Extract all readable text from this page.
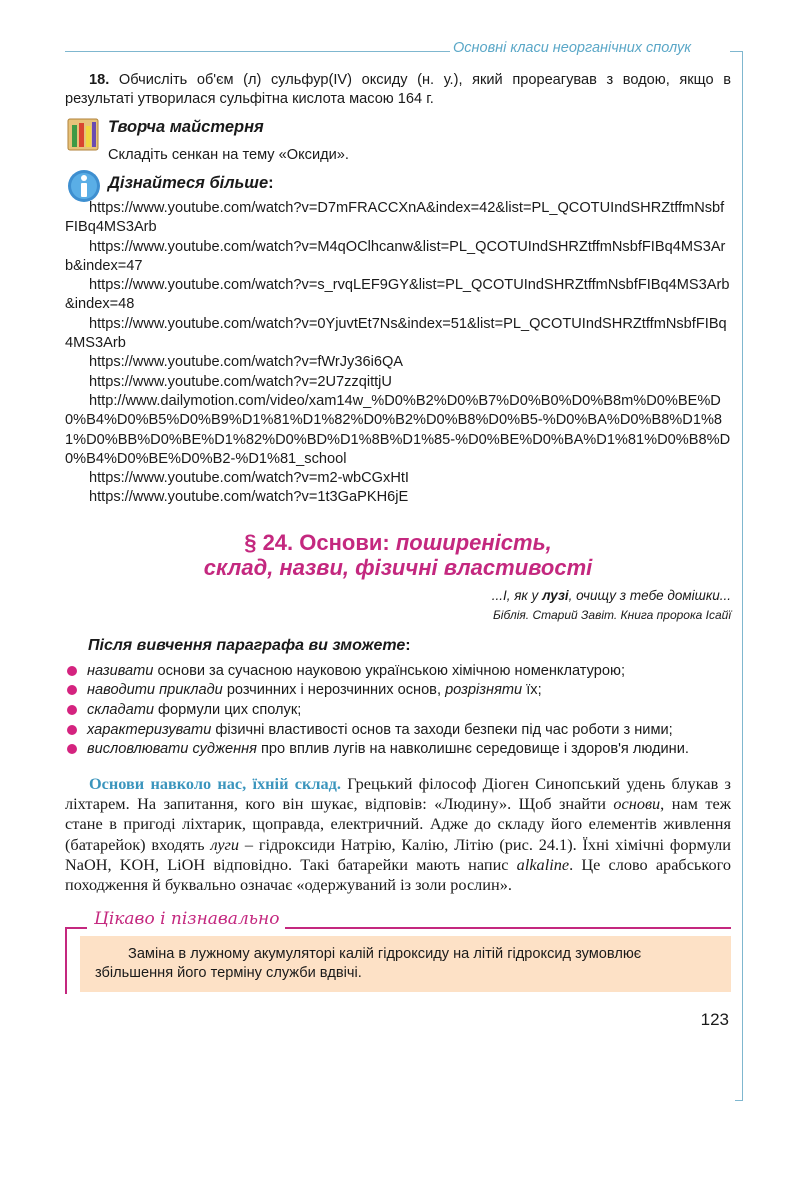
Основні класи неорганічних сполук

18. Обчисліть об'єм (л) сульфур(IV) оксиду (н. у.), який прореагував з водою, якщо в результаті утворилася сульфітна кислота масою 164 г.

Творча майстерня
Складіть сенкан на тему «Оксиди».
Дізнайтеся більше:

https://www.youtube.com/watch?v=D7mFRACCXnA&index=42&list=PL_QCOTUIndSHRZtffmNsbfFIBq4MS3Arb

https://www.youtube.com/watch?v=M4qOClhcanw&list=PL_QCOTUIndSHRZtffmNsbfFIBq4MS3Arb&index=47

https://www.youtube.com/watch?v=s_rvqLEF9GY&list=PL_QCOTUIndSHRZtffmNsbfFIBq4MS3Arb&index=48

https://www.youtube.com/watch?v=0YjuvtEt7Ns&index=51&list=PL_QCOTUIndSHRZtffmNsbfFIBq4MS3Arb

https://www.youtube.com/watch?v=fWrJy36i6QA

https://www.youtube.com/watch?v=2U7zzqittjU

http://www.dailymotion.com/video/xam14w_%D0%B2%D0%B7%D0%B0%D0%B8m%D0%BE%D0%B4%D0%B5%D0%B9%D1%81%D1%82%D0%B2%D0%B8%D0%B5-%D0%BA%D0%B8%D1%81%D0%BB%D0%BE%D1%82%D0%BD%D1%8B%D1%85-%D0%BE%D0%BA%D1%81%D0%B8%D0%B4%D0%BE%D0%B2-%D1%81_school

https://www.youtube.com/watch?v=m2-wbCGxHtI

https://www.youtube.com/watch?v=1t3GaPKH6jE

§ 24. Основи: поширеність,
склад, назви, фізичні властивості
...І, як у лузі, очищу з тебе домішки...
Біблія. Старий Завіт. Книга пророка Ісайї
Після вивчення параграфа ви зможете:
називати основи за сучасною науковою українською хімічною номенклатурою;
наводити приклади розчинних і нерозчинних основ, розрізняти їх;
складати формули цих сполук;
характеризувати фізичні властивості основ та заходи безпеки під час роботи з ними;
висловлювати судження про вплив лугів на навколишнє середовище і здоров'я людини.
Основи навколо нас, їхній склад. Грецький філософ Діоген Синопський удень блукав з ліхтарем. На запитання, кого він шукає, відповів: «Людину». Щоб знайти основи, нам теж стане в пригоді ліхтарик, щоправда, електричний. Адже до складу його елементів живлення (батарейок) входять луги – гідроксиди Натрію, Калію, Літію (рис. 24.1). Їхні хімічні формули NaOH, KOH, LiOH відповідно. Такі батарейки мають напис alkaline. Це слово арабського походження й буквально означає «одержуваний із золи рослин».
Цікаво і пізнавально
Заміна в лужному акумуляторі калій гідроксиду на літій гідроксид зумовлює
збільшення його терміну служби вдвічі.
123
